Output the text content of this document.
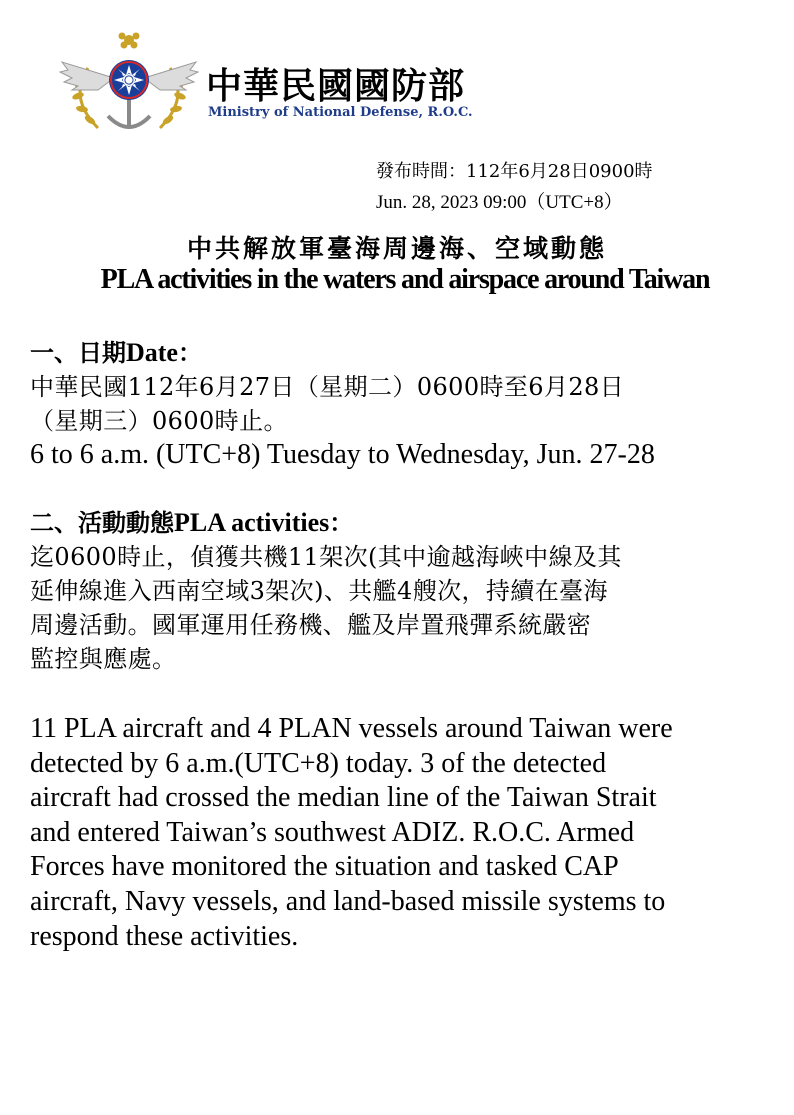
中華民國國防部
Ministry of National Defense, R.O.C.
發布時間：112年6月28日0900時
Jun. 28, 2023 09:00（UTC+8）
中共解放軍臺海周邊海、空域動態
PLA activities in the waters and airspace around Taiwan
一、日期Date：
中華民國112年6月27日（星期二）0600時至6月28日
（星期三）0600時止。
6 to 6 a.m. (UTC+8) Tuesday to Wednesday, Jun. 27-28
二、活動動態PLA activities：
迄0600時止，偵獲共機11架次(其中逾越海峽中線及其
延伸線進入西南空域3架次)、共艦4艘次，持續在臺海
周邊活動。國軍運用任務機、艦及岸置飛彈系統嚴密
監控與應處。
11 PLA aircraft and 4 PLAN vessels around Taiwan were
detected by 6 a.m.(UTC+8) today. 3 of the detected
aircraft had crossed the median line of the Taiwan Strait
and entered Taiwan’s southwest ADIZ. R.O.C. Armed
Forces have monitored the situation and tasked CAP
aircraft, Navy vessels, and land-based missile systems to
respond these activities.
